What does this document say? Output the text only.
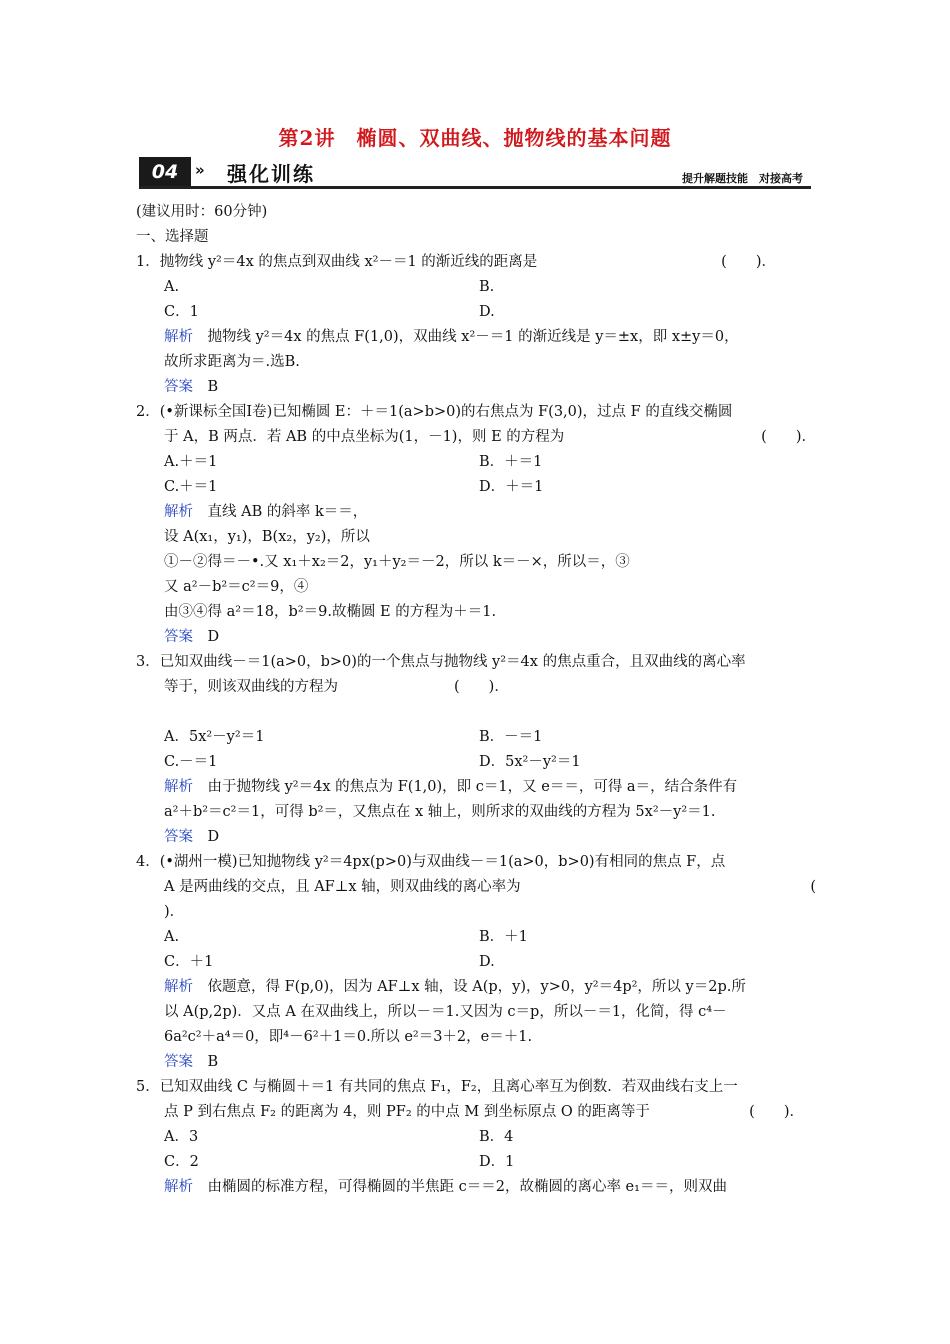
第2讲　椭圆、双曲线、抛物线的基本问题
04	» 强化训练	提升解题技能　对接高考
(建议用时：60分钟)
一、选择题
1．抛物线 y²＝4x 的焦点到双曲线 x²－＝1 的渐近线的距离是	(　　)．
A.	B.
C．1	D.
解析　抛物线 y²＝4x 的焦点 F(1,0)，双曲线 x²－＝1 的渐近线是 y＝±x，即 x±y＝0，
故所求距离为＝.选B.
答案　B
2．(•新课标全国Ⅰ卷)已知椭圆 E：＋＝1(a>b>0)的右焦点为 F(3,0)，过点 F 的直线交椭圆
于 A，B 两点．若 AB 的中点坐标为(1，－1)，则 E 的方程为	(　　)．
A.＋＝1	B．＋＝1
C.＋＝1	D．＋＝1
解析　直线 AB 的斜率 k＝＝，
设 A(x₁，y₁)，B(x₂，y₂)，所以
①－②得＝－•.又 x₁＋x₂＝2，y₁＋y₂＝－2，所以 k＝－×，所以＝，③
又 a²－b²＝c²＝9，④
由③④得 a²＝18，b²＝9.故椭圆 E 的方程为＋＝1.
答案　D
3．已知双曲线－＝1(a>0，b>0)的一个焦点与抛物线 y²＝4x 的焦点重合，且双曲线的离心率
等于，则该双曲线的方程为	(　　)．
A．5x²－y²＝1	B．－＝1
C.－＝1	D．5x²－y²＝1
解析　由于抛物线 y²＝4x 的焦点为 F(1,0)，即 c＝1，又 e＝＝，可得 a＝，结合条件有
a²＋b²＝c²＝1，可得 b²＝，又焦点在 x 轴上，则所求的双曲线的方程为 5x²－y²＝1.
答案　D
4．(•湖州一模)已知抛物线 y²＝4px(p>0)与双曲线－＝1(a>0，b>0)有相同的焦点 F，点
A 是两曲线的交点，且 AF⊥x 轴，则双曲线的离心率为	(
)．
A.	B．＋1
C．＋1	D.
解析　依题意，得 F(p,0)，因为 AF⊥x 轴，设 A(p，y)，y>0，y²＝4p²，所以 y＝2p.所
以 A(p,2p)．又点 A 在双曲线上，所以－＝1.又因为 c＝p，所以－＝1，化简，得 c⁴－
6a²c²＋a⁴＝0，即⁴－6²＋1＝0.所以 e²＝3＋2，e＝＋1.
答案　B
5．已知双曲线 C 与椭圆＋＝1 有共同的焦点 F₁，F₂，且离心率互为倒数．若双曲线右支上一
点 P 到右焦点 F₂ 的距离为 4，则 PF₂ 的中点 M 到坐标原点 O 的距离等于	(　　)．
A．3	B．4
C．2	D．1
解析　由椭圆的标准方程，可得椭圆的半焦距 c＝＝2，故椭圆的离心率 e₁＝＝，则双曲
